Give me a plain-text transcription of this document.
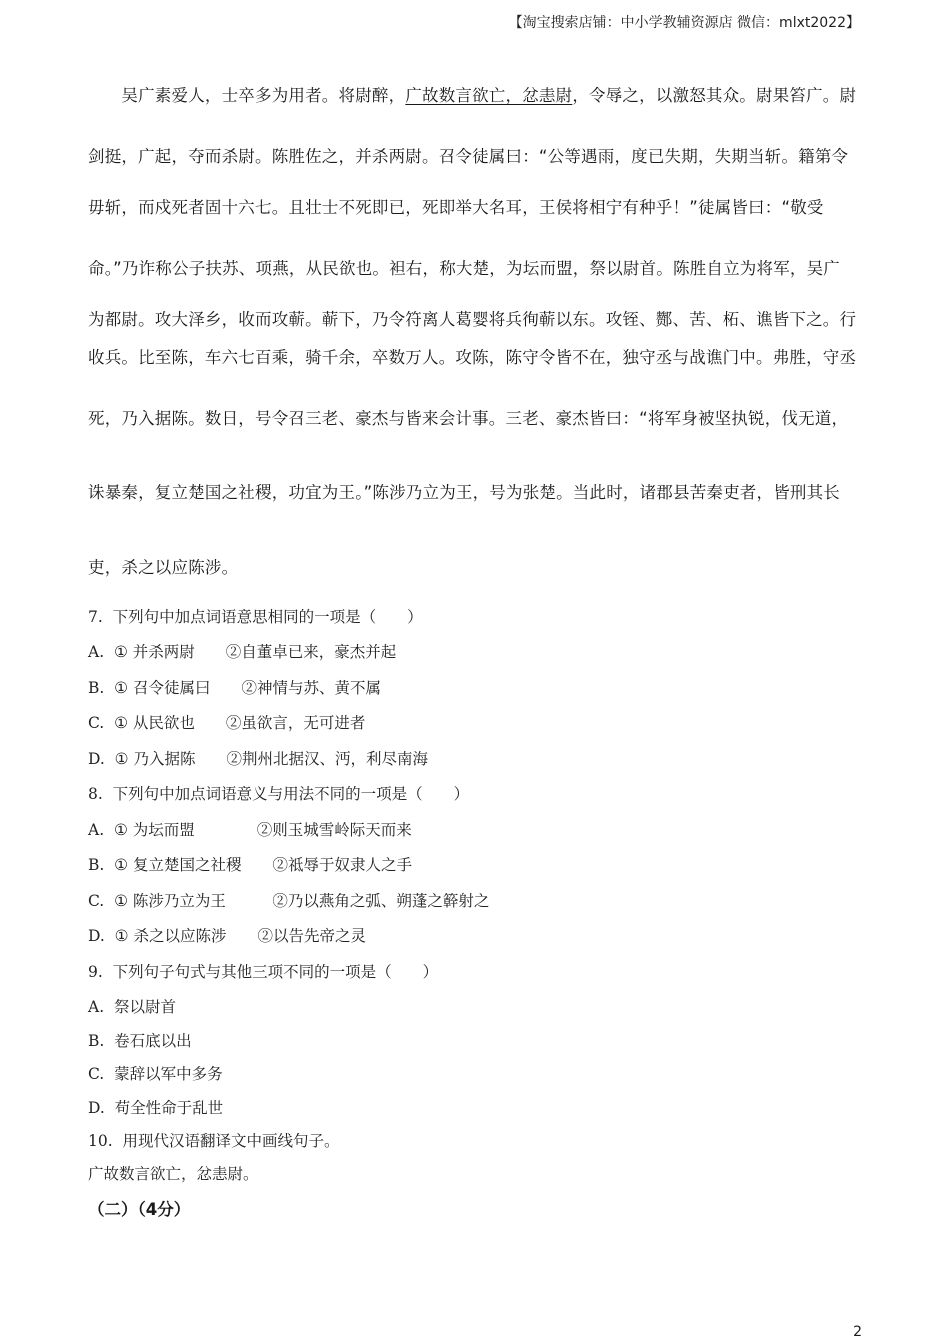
【淘宝搜索店铺：中小学教辅资源店 微信：mlxt2022】
　　吴广素爱人，士卒多为用者。将尉醉，广故数言欲亡，忿恚尉，令辱之，以激怒其众。尉果笞广。尉
剑挺，广起，夺而杀尉。陈胜佐之，并杀两尉。召令徒属曰：“公等遇雨，度已失期，失期当斩。籍第令
毋斩，而戍死者固十六七。且壮士不死即已，死即举大名耳，王侯将相宁有种乎！”徒属皆曰：“敬受
命。”乃诈称公子扶苏、项燕，从民欲也。袒右，称大楚，为坛而盟，祭以尉首。陈胜自立为将军，吴广
为都尉。攻大泽乡，收而攻蕲。蕲下，乃令符离人葛婴将兵徇蕲以东。攻铚、酂、苦、柘、谯皆下之。行
收兵。比至陈，车六七百乘，骑千余，卒数万人。攻陈，陈守令皆不在，独守丞与战谯门中。弗胜，守丞
死，乃入据陈。数日，号令召三老、豪杰与皆来会计事。三老、豪杰皆曰：“将军身被坚执锐，伐无道，
诛暴秦，复立楚国之社稷，功宜为王。”陈涉乃立为王，号为张楚。当此时，诸郡县苦秦吏者，皆刑其长
吏，杀之以应陈涉。
7.  下列句中加点词语意思相同的一项是（　　）
A.  ① 并杀两尉　　②自董卓已来，豪杰并起
B.  ① 召令徒属曰　　②神情与苏、黄不属
C.  ① 从民欲也　　②虽欲言，无可进者
D.  ① 乃入据陈　　②荆州北据汉、沔，利尽南海
8.  下列句中加点词语意义与用法不同的一项是（　　）
A.  ① 为坛而盟　　　　②则玉城雪岭际天而来
B.  ① 复立楚国之社稷　　②祗辱于奴隶人之手
C.  ① 陈涉乃立为王　　　②乃以燕角之弧、朔蓬之簳射之
D.  ① 杀之以应陈涉　　②以告先帝之灵
9.  下列句子句式与其他三项不同的一项是（　　）
A.  祭以尉首
B.  卷石底以出
C.  蒙辞以军中多务
D.  苟全性命于乱世
10.  用现代汉语翻译文中画线句子。
广故数言欲亡，忿恚尉。
（二）（4分）
2
